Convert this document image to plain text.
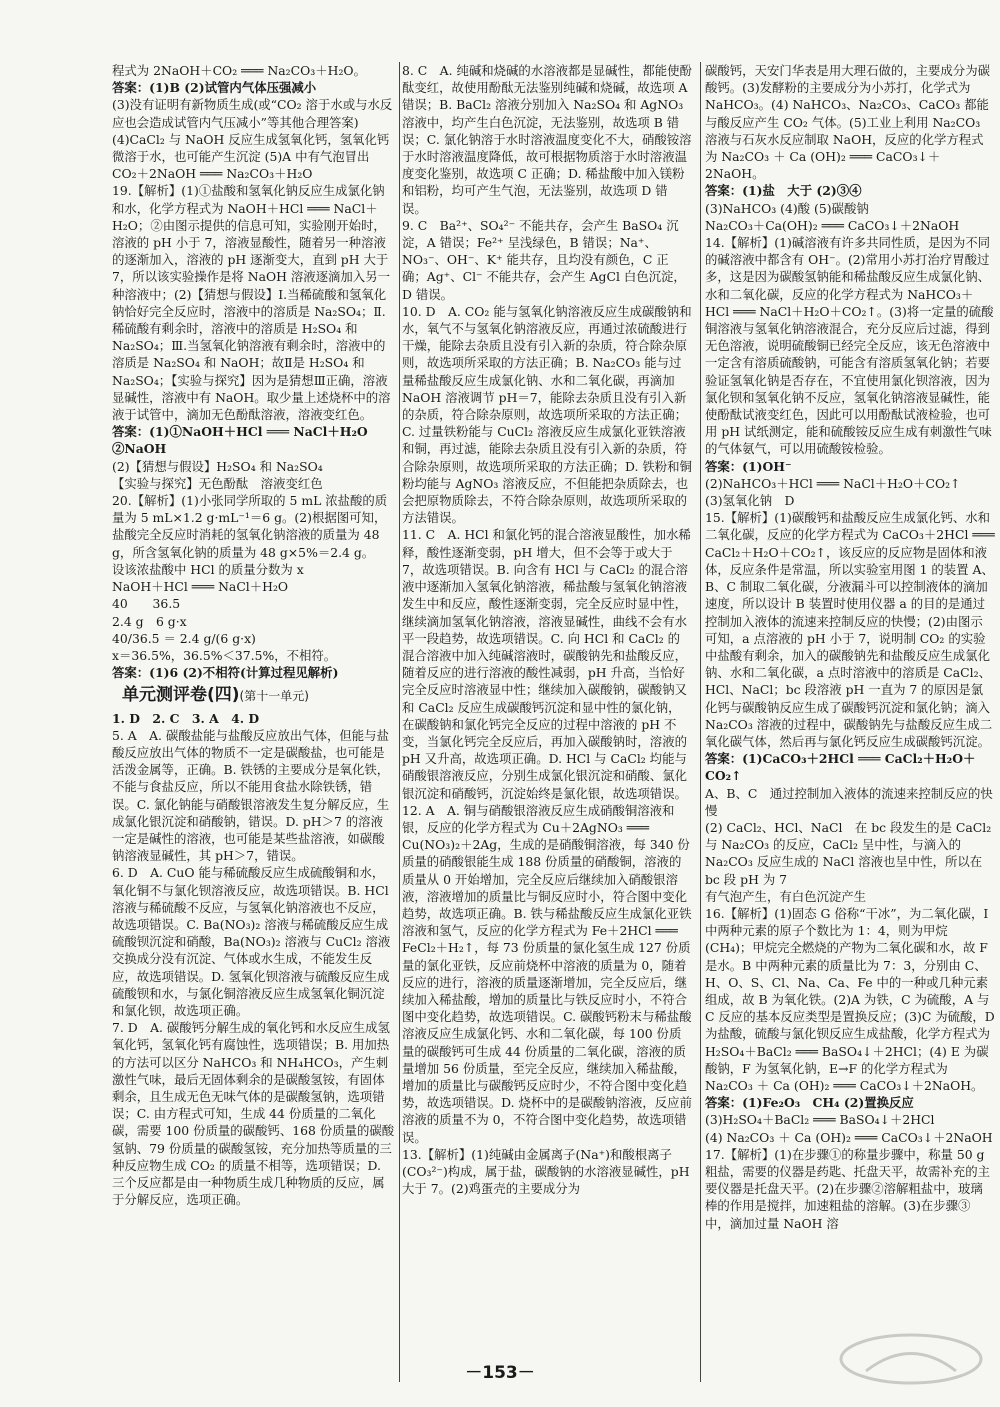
程式为 2NaOH＋CO₂ ═══ Na₂CO₃＋H₂O。

答案：(1)B (2)试管内气体压强减小

(3)没有证明有新物质生成(或“CO₂ 溶于水或与水反应也会造成试管内气压减小”等其他合理答案) (4)CaCl₂ 与 NaOH 反应生成氢氧化钙，氢氧化钙微溶于水，也可能产生沉淀 (5)A 中有气泡冒出

CO₂＋2NaOH ═══ Na₂CO₃＋H₂O

19.【解析】(1)①盐酸和氢氧化钠反应生成氯化钠和水，化学方程式为 NaOH＋HCl ═══ NaCl＋H₂O；②由图示提供的信息可知，实验刚开始时，溶液的 pH 小于 7，溶液显酸性，随着另一种溶液的逐渐加入，溶液的 pH 逐渐变大，直到 pH 大于 7，所以该实验操作是将 NaOH 溶液逐滴加入另一种溶液中；(2)【猜想与假设】Ⅰ.当稀硫酸和氢氧化钠恰好完全反应时，溶液中的溶质是 Na₂SO₄；Ⅱ.稀硫酸有剩余时，溶液中的溶质是 H₂SO₄ 和 Na₂SO₄；Ⅲ.当氢氧化钠溶液有剩余时，溶液中的溶质是 Na₂SO₄ 和 NaOH；故Ⅱ是 H₂SO₄ 和 Na₂SO₄；【实验与探究】因为是猜想Ⅲ正确，溶液显碱性，溶液中有 NaOH。取少量上述烧杯中的溶液于试管中，滴加无色酚酞溶液，溶液变红色。

答案：(1)①NaOH＋HCl ═══ NaCl＋H₂O ②NaOH

(2)【猜想与假设】H₂SO₄ 和 Na₂SO₄

【实验与探究】无色酚酞　溶液变红色

20.【解析】(1)小张同学所取的 5 mL 浓盐酸的质量为 5 mL×1.2 g·mL⁻¹＝6 g。(2)根据图可知，盐酸完全反应时消耗的氢氧化钠溶液的质量为 48 g，所含氢氧化钠的质量为 48 g×5%＝2.4 g。

设该浓盐酸中 HCl 的质量分数为 x

NaOH＋HCl ═══ NaCl＋H₂O

40　　36.5

2.4 g　6 g·x

40/36.5 ＝ 2.4 g/(6 g·x)

x＝36.5%，36.5%＜37.5%，不相符。

答案：(1)6 (2)不相符(计算过程见解析)

单元测评卷(四)(第十一单元)

1. D　2. C　3. A　4. D

5. A　A. 碳酸盐能与盐酸反应放出气体，但能与盐酸反应放出气体的物质不一定是碳酸盐，也可能是活泼金属等，正确。B. 铁锈的主要成分是氧化铁，不能与食盐反应，所以不能用食盐水除铁锈，错误。C. 氯化钠能与硝酸银溶液发生复分解反应，生成氯化银沉淀和硝酸钠，错误。D. pH＞7 的溶液一定是碱性的溶液，也可能是某些盐溶液，如碳酸钠溶液显碱性，其 pH＞7，错误。

6. D　A. CuO 能与稀硫酸反应生成硫酸铜和水，氧化铜不与氯化钡溶液反应，故选项错误。B. HCl 溶液与稀硫酸不反应，与氢氧化钠溶液也不反应，故选项错误。C. Ba(NO₃)₂ 溶液与稀硫酸反应生成硫酸钡沉淀和硝酸，Ba(NO₃)₂ 溶液与 CuCl₂ 溶液交换成分没有沉淀、气体或水生成，不能发生反应，故选项错误。D. 氢氧化钡溶液与硫酸反应生成硫酸钡和水，与氯化铜溶液反应生成氢氧化铜沉淀和氯化钡，故选项正确。

7. D　A. 碳酸钙分解生成的氧化钙和水反应生成氢氧化钙，氢氧化钙有腐蚀性，选项错误；B. 用加热的方法可以区分 NaHCO₃ 和 NH₄HCO₃，产生刺激性气味，最后无固体剩余的是碳酸氢铵，有固体剩余，且生成无色无味气体的是碳酸氢钠，选项错误；C. 由方程式可知，生成 44 份质量的二氧化碳，需要 100 份质量的碳酸钙、168 份质量的碳酸氢钠、79 份质量的碳酸氢铵，充分加热等质量的三种反应物生成 CO₂ 的质量不相等，选项错误；D. 三个反应都是由一种物质生成几种物质的反应，属于分解反应，选项正确。

8. C　A. 纯碱和烧碱的水溶液都是显碱性，都能使酚酞变红，故使用酚酞无法鉴别纯碱和烧碱，故选项 A 错误；B. BaCl₂ 溶液分别加入 Na₂SO₄ 和 AgNO₃ 溶液中，均产生白色沉淀，无法鉴别，故选项 B 错误；C. 氯化钠溶于水时溶液温度变化不大，硝酸铵溶于水时溶液温度降低，故可根据物质溶于水时溶液温度变化鉴别，故选项 C 正确；D. 稀盐酸中加入镁粉和铝粉，均可产生气泡，无法鉴别，故选项 D 错误。

9. C　Ba²⁺、SO₄²⁻ 不能共存，会产生 BaSO₄ 沉淀，A 错误；Fe²⁺ 呈浅绿色，B 错误；Na⁺、NO₃⁻、OH⁻、K⁺ 能共存，且均没有颜色，C 正确；Ag⁺、Cl⁻ 不能共存，会产生 AgCl 白色沉淀，D 错误。

10. D　A. CO₂ 能与氢氧化钠溶液反应生成碳酸钠和水，氧气不与氢氧化钠溶液反应，再通过浓硫酸进行干燥，能除去杂质且没有引入新的杂质，符合除杂原则，故选项所采取的方法正确；B. Na₂CO₃ 能与过量稀盐酸反应生成氯化钠、水和二氧化碳，再滴加 NaOH 溶液调节 pH＝7，能除去杂质且没有引入新的杂质，符合除杂原则，故选项所采取的方法正确；C. 过量铁粉能与 CuCl₂ 溶液反应生成氯化亚铁溶液和铜，再过滤，能除去杂质且没有引入新的杂质，符合除杂原则，故选项所采取的方法正确；D. 铁粉和铜粉均能与 AgNO₃ 溶液反应，不但能把杂质除去，也会把原物质除去，不符合除杂原则，故选项所采取的方法错误。

11. C　A. HCl 和氯化钙的混合溶液显酸性，加水稀释，酸性逐渐变弱，pH 增大，但不会等于或大于 7，故选项错误。B. 向含有 HCl 与 CaCl₂ 的混合溶液中逐渐加入氢氧化钠溶液，稀盐酸与氢氧化钠溶液发生中和反应，酸性逐渐变弱，完全反应时显中性，继续滴加氢氧化钠溶液，溶液显碱性，曲线不会有水平一段趋势，故选项错误。C. 向 HCl 和 CaCl₂ 的混合溶液中加入纯碱溶液时，碳酸钠先和盐酸反应，随着反应的进行溶液的酸性减弱，pH 升高，当恰好完全反应时溶液显中性；继续加入碳酸钠，碳酸钠又和 CaCl₂ 反应生成碳酸钙沉淀和显中性的氯化钠，在碳酸钠和氯化钙完全反应的过程中溶液的 pH 不变，当氯化钙完全反应后，再加入碳酸钠时，溶液的 pH 又升高，故选项正确。D. HCl 与 CaCl₂ 均能与硝酸银溶液反应，分别生成氯化银沉淀和硝酸、氯化银沉淀和硝酸钙，沉淀始终是氯化银，故选项错误。

12. A　A. 铜与硝酸银溶液反应生成硝酸铜溶液和银，反应的化学方程式为 Cu＋2AgNO₃ ═══ Cu(NO₃)₂＋2Ag，生成的是硝酸铜溶液，每 340 份质量的硝酸银能生成 188 份质量的硝酸铜，溶液的质量从 0 开始增加，完全反应后继续加入硝酸银溶液，溶液增加的质量比与铜反应时小，符合图中变化趋势，故选项正确。B. 铁与稀盐酸反应生成氯化亚铁溶液和氢气，反应的化学方程式为 Fe＋2HCl ═══ FeCl₂＋H₂↑，每 73 份质量的氯化氢生成 127 份质量的氯化亚铁，反应前烧杯中溶液的质量为 0，随着反应的进行，溶液的质量逐渐增加，完全反应后，继续加入稀盐酸，增加的质量比与铁反应时小，不符合图中变化趋势，故选项错误。C. 碳酸钙粉末与稀盐酸溶液反应生成氯化钙、水和二氧化碳，每 100 份质量的碳酸钙可生成 44 份质量的二氧化碳，溶液的质量增加 56 份质量，至完全反应，继续加入稀盐酸，增加的质量比与碳酸钙反应时少，不符合图中变化趋势，故选项错误。D. 烧杯中的是碳酸钠溶液，反应前溶液的质量不为 0，不符合图中变化趋势，故选项错误。

13.【解析】(1)纯碱由金属离子(Na⁺)和酸根离子(CO₃²⁻)构成，属于盐，碳酸钠的水溶液显碱性，pH 大于 7。(2)鸡蛋壳的主要成分为

碳酸钙，天安门华表是用大理石做的，主要成分为碳酸钙。(3)发酵粉的主要成分为小苏打，化学式为 NaHCO₃。(4) NaHCO₃、Na₂CO₃、CaCO₃ 都能与酸反应产生 CO₂ 气体。(5)工业上利用 Na₂CO₃ 溶液与石灰水反应制取 NaOH，反应的化学方程式为 Na₂CO₃ ＋ Ca (OH)₂ ═══ CaCO₃↓＋2NaOH。

答案：(1)盐　大于 (2)③④

(3)NaHCO₃ (4)酸 (5)碳酸钠

Na₂CO₃＋Ca(OH)₂ ═══ CaCO₃↓＋2NaOH

14.【解析】(1)碱溶液有许多共同性质，是因为不同的碱溶液中都含有 OH⁻。(2)常用小苏打治疗胃酸过多，这是因为碳酸氢钠能和稀盐酸反应生成氯化钠、水和二氧化碳，反应的化学方程式为 NaHCO₃＋HCl ═══ NaCl＋H₂O＋CO₂↑。(3)将一定量的硫酸铜溶液与氢氧化钠溶液混合，充分反应后过滤，得到无色溶液，说明硫酸铜已经完全反应，该无色溶液中一定含有溶质硫酸钠，可能含有溶质氢氧化钠；若要验证氢氧化钠是否存在，不宜使用氯化钡溶液，因为氯化钡和氢氧化钠不反应，氢氧化钠溶液显碱性，能使酚酞试液变红色，因此可以用酚酞试液检验，也可用 pH 试纸测定，能和硫酸铵反应生成有刺激性气味的气体氨气，可以用硫酸铵检验。

答案：(1)OH⁻

(2)NaHCO₃＋HCl ═══ NaCl＋H₂O＋CO₂↑

(3)氢氧化钠　D

15.【解析】(1)碳酸钙和盐酸反应生成氯化钙、水和二氧化碳，反应的化学方程式为 CaCO₃＋2HCl ═══ CaCl₂＋H₂O＋CO₂↑，该反应的反应物是固体和液体，反应条件是常温，所以实验室用图 1 的装置 A、B、C 制取二氧化碳，分液漏斗可以控制液体的滴加速度，所以设计 B 装置时使用仪器 a 的目的是通过控制加入液体的流速来控制反应的快慢；(2)由图示可知，a 点溶液的 pH 小于 7，说明制 CO₂ 的实验中盐酸有剩余，加入的碳酸钠先和盐酸反应生成氯化钠、水和二氧化碳，a 点时溶液中的溶质是 CaCl₂、HCl、NaCl；bc 段溶液 pH 一直为 7 的原因是氯化钙与碳酸钠反应生成了碳酸钙沉淀和氯化钠；滴入 Na₂CO₃ 溶液的过程中，碳酸钠先与盐酸反应生成二氧化碳气体，然后再与氯化钙反应生成碳酸钙沉淀。

答案：(1)CaCO₃＋2HCl ═══ CaCl₂＋H₂O＋CO₂↑

A、B、C　通过控制加入液体的流速来控制反应的快慢

(2) CaCl₂、HCl、NaCl　在 bc 段发生的是 CaCl₂ 与 Na₂CO₃ 的反应，CaCl₂ 呈中性，与滴入的 Na₂CO₃ 反应生成的 NaCl 溶液也呈中性，所以在 bc 段 pH 为 7

有气泡产生，有白色沉淀产生

16.【解析】(1)固态 G 俗称“干冰”，为二氧化碳，I 中两种元素的原子个数比为 1：4，则为甲烷(CH₄)；甲烷完全燃烧的产物为二氧化碳和水，故 F 是水。B 中两种元素的质量比为 7：3，分别由 C、H、O、S、Cl、Na、Ca、Fe 中的一种或几种元素组成，故 B 为氧化铁。(2)A 为铁，C 为硫酸，A 与 C 反应的基本反应类型是置换反应；(3)C 为硫酸，D 为盐酸，硫酸与氯化钡反应生成盐酸，化学方程式为 H₂SO₄＋BaCl₂ ═══ BaSO₄↓＋2HCl；(4) E 为碳酸钠，F 为氢氧化钠，E→F 的化学方程式为 Na₂CO₃ ＋ Ca (OH)₂ ═══ CaCO₃↓＋2NaOH。

答案：(1)Fe₂O₃　CH₄ (2)置换反应

(3)H₂SO₄＋BaCl₂ ═══ BaSO₄↓＋2HCl

(4) Na₂CO₃ ＋ Ca (OH)₂ ═══ CaCO₃↓＋2NaOH

17.【解析】(1)在步骤①的称量步骤中，称量 50 g 粗盐，需要的仪器是药匙、托盘天平，故需补充的主要仪器是托盘天平。(2)在步骤②溶解粗盐中，玻璃棒的作用是搅拌，加速粗盐的溶解。(3)在步骤③中，滴加过量 NaOH 溶

－153－
